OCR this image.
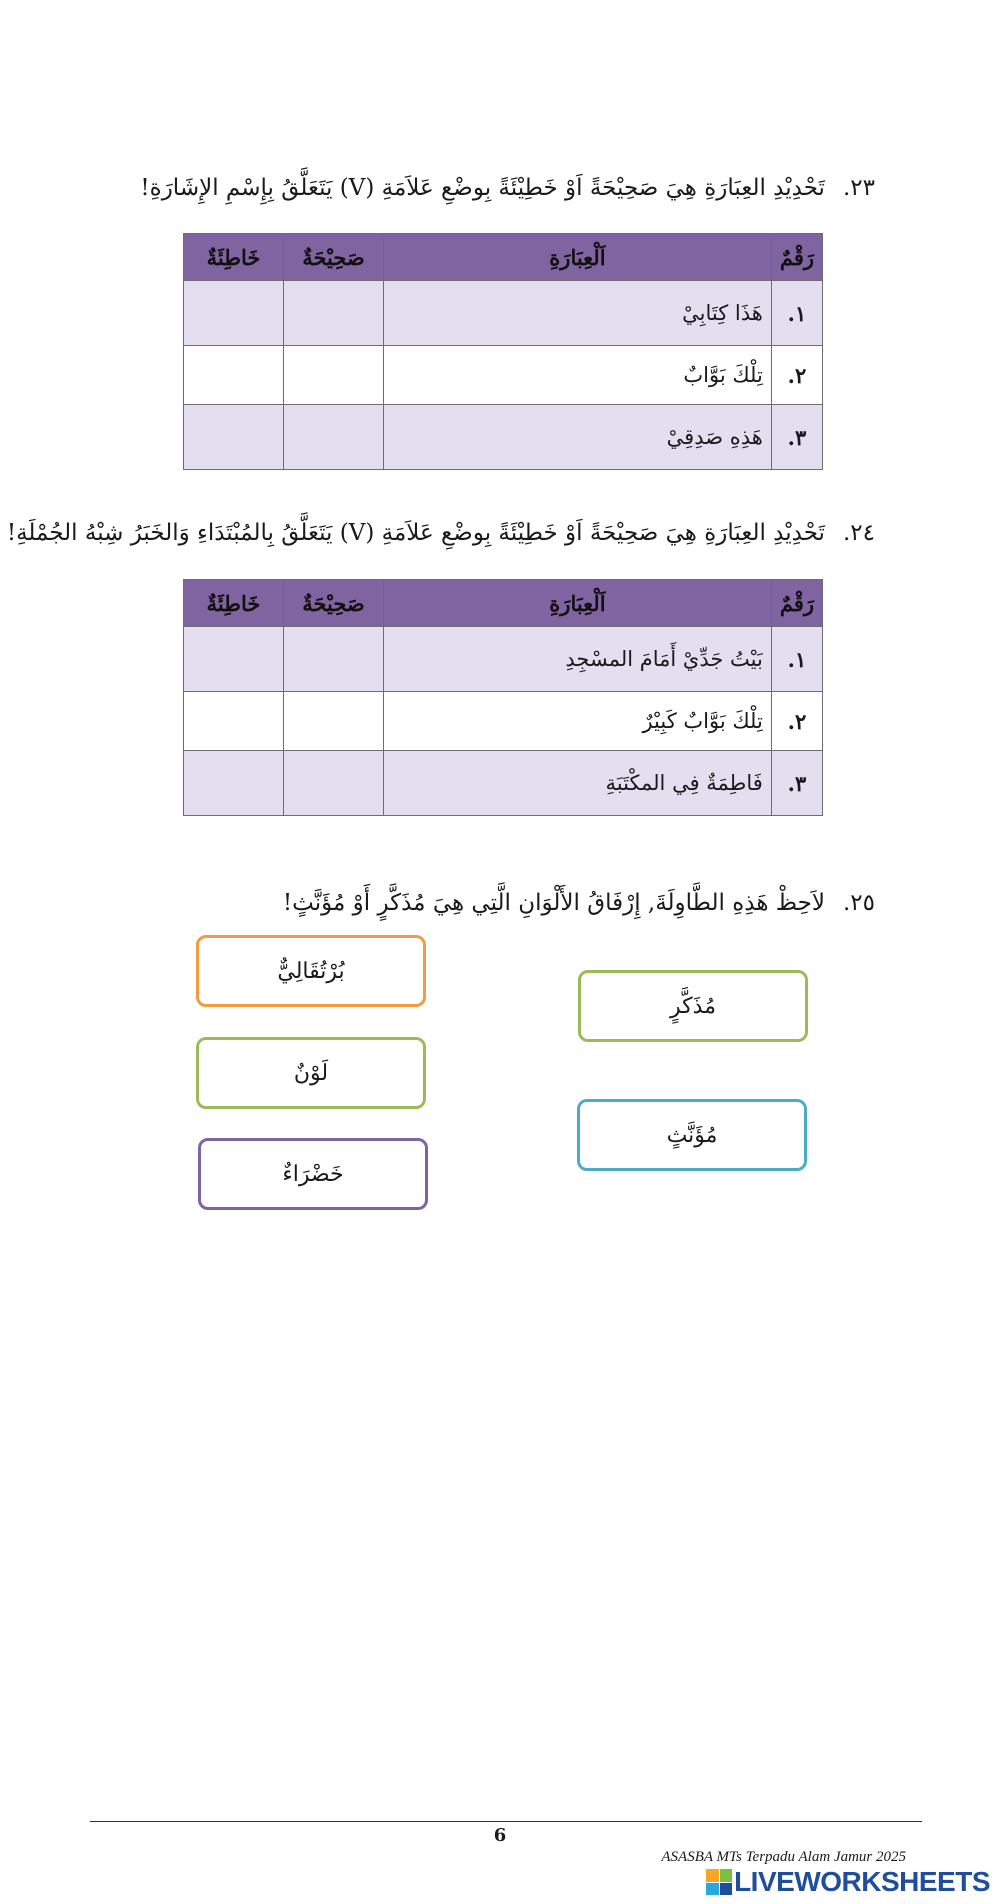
٢٣.تَحْدِيْدِ العِبَارَةِ هِيَ صَحِيْحَةً اَوْ خَطِيْئَةً بِوضْعِ عَلاَمَةِ (V) يَتَعَلَّقُ بِإِسْمِ الإِشَارَةِ!
رَقْمٌ	اَلْعِبَارَةِ	صَحِيْحَةٌ	خَاطِئَةٌ
١.	هَذَا كِتَابِيْ		
٢.	تِلْكَ بَوَّابٌ		
٣.	هَذِهِ صَدِقِيْ		
٢٤.تَحْدِيْدِ العِبَارَةِ هِيَ صَحِيْحَةً اَوْ خَطِيْئَةً بِوضْعِ عَلاَمَةِ (V) يَتَعَلَّقُ بِالمُبْتَدَاءِ وَالخَبَرُ شِبْهُ الجُمْلَةِ!
رَقْمٌ	اَلْعِبَارَةِ	صَحِيْحَةٌ	خَاطِئَةٌ
١.	بَيْتُ جَدِّيْ أَمَامَ المسْجِدِ		
٢.	تِلْكَ بَوَّابٌ كَبِيْرٌ		
٣.	فَاطِمَةٌ فِي المكْتَبَةِ		
٢٥.لاَحِظْ هَذِهِ الطَّاوِلَةَ, إِرْفَاقُ الأَلْوَانِ الَّتِي هِيَ مُذَكَّرٍ أَوْ مُؤَنَّثٍ!
بُرْتُقَالِيٌّ
لَوْنٌ
خَضْرَاءٌ
مُذَكَّرٍ
مُؤَنَّثٍ
6
ASASBA MTs Terpadu Alam Jamur 2025
LIVEWORKSHEETS
